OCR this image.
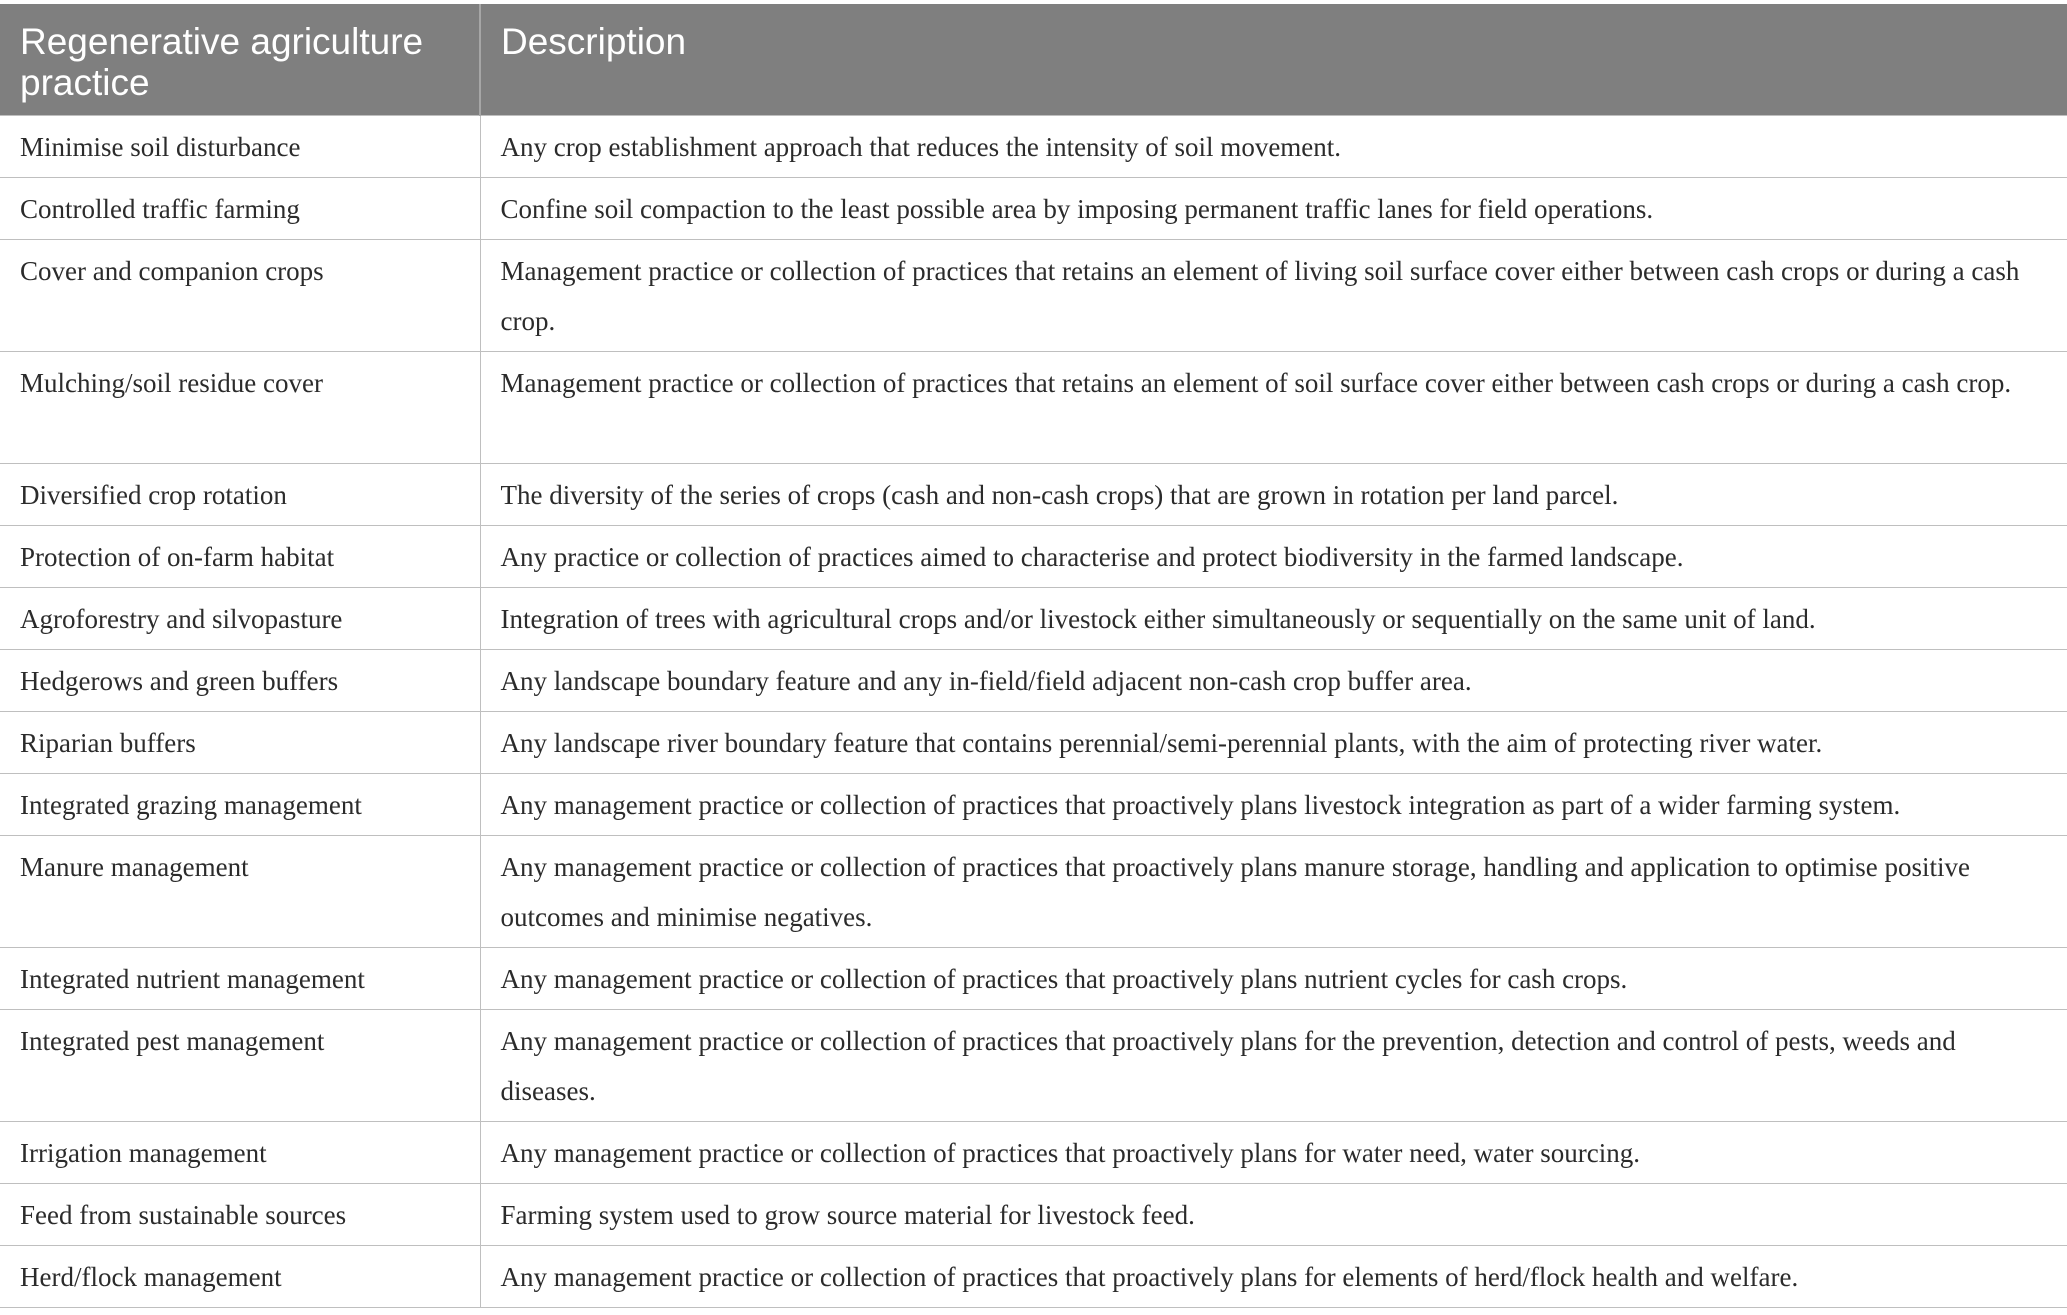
Regenerative agriculture practice	Description
Minimise soil disturbance	Any crop establishment approach that reduces the intensity of soil movement.
Controlled traffic farming	Confine soil compaction to the least possible area by imposing permanent traffic lanes for field operations.
Cover and companion crops	Management practice or collection of practices that retains an element of living soil surface cover either between cash crops or during a cash crop.
Mulching/soil residue cover	Management practice or collection of practices that retains an element of soil surface cover either between cash crops or during a cash crop.
Diversified crop rotation	The diversity of the series of crops (cash and non-cash crops) that are grown in rotation per land parcel.
Protection of on-farm habitat	Any practice or collection of practices aimed to characterise and protect biodiversity in the farmed landscape.
Agroforestry and silvopasture	Integration of trees with agricultural crops and/or livestock either simultaneously or sequentially on the same unit of land.
Hedgerows and green buffers	Any landscape boundary feature and any in-field/field adjacent non-cash crop buffer area.
Riparian buffers	Any landscape river boundary feature that contains perennial/semi-perennial plants, with the aim of protecting river water.
Integrated grazing management	Any management practice or collection of practices that proactively plans livestock integration as part of a wider farming system.
Manure management	Any management practice or collection of practices that proactively plans manure storage, handling and application to optimise positive outcomes and minimise negatives.
Integrated nutrient management	Any management practice or collection of practices that proactively plans nutrient cycles for cash crops.
Integrated pest management	Any management practice or collection of practices that proactively plans for the prevention, detection and control of pests, weeds and diseases.
Irrigation management	Any management practice or collection of practices that proactively plans for water need, water sourcing.
Feed from sustainable sources	Farming system used to grow source material for livestock feed.
Herd/flock management	Any management practice or collection of practices that proactively plans for elements of herd/flock health and welfare.
